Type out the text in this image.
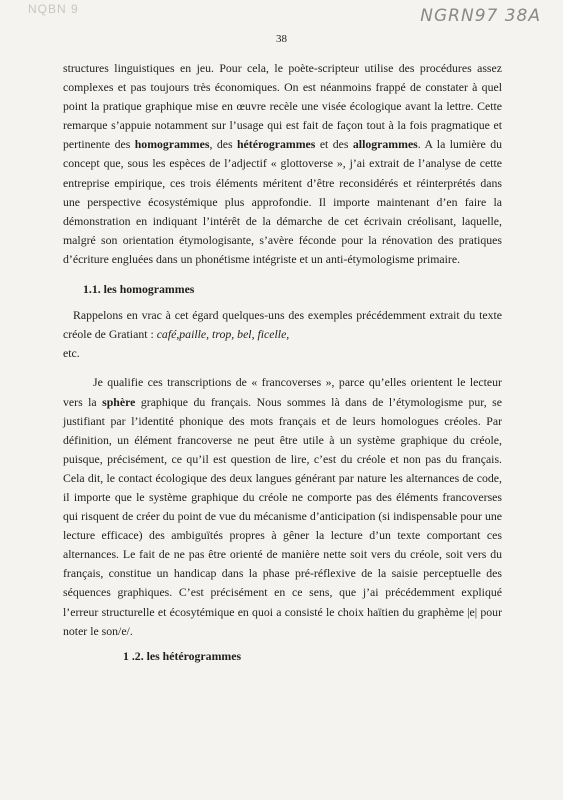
NQBN 9	NGRN97 38A
38

structures linguistiques en jeu. Pour cela, le poète-scripteur utilise des procédures assez complexes et pas toujours très économiques. On est néanmoins frappé de constater à quel point la pratique graphique mise en œuvre recèle une visée écologique avant la lettre. Cette remarque s’appuie notamment sur l’usage qui est fait de façon tout à la fois pragmatique et pertinente des homogrammes, des hétérogrammes et des allogrammes. A la lumière du concept que, sous les espèces de l’adjectif « glottoverse », j’ai extrait de l’analyse de cette entreprise empirique, ces trois éléments méritent d’être reconsidérés et réinterprétés dans une perspective écosystémique plus approfondie. Il importe maintenant d’en faire la démonstration en indiquant l’intérêt de la démarche de cet écrivain créolisant, laquelle, malgré son orientation étymologisante, s’avère féconde pour la rénovation des pratiques d’écriture engluées dans un phonétisme intégriste et un anti-étymologisme primaire.

1.1. les homogrammes

Rappelons en vrac à cet égard quelques-uns des exemples précédemment extrait du texte créole de Gratiant : café,paille, trop, bel, ficelle,
etc.

Je qualifie ces transcriptions de « francoverses », parce qu’elles orientent le lecteur vers la sphère graphique du français. Nous sommes là dans de l’étymologisme pur, se justifiant par l’identité phonique des mots français et de leurs homologues créoles. Par définition, un élément francoverse ne peut être utile à un système graphique du créole, puisque, précisément, ce qu’il est question de lire, c’est du créole et non pas du français. Cela dit, le contact écologique des deux langues générant par nature les alternances de code, il importe que le système graphique du créole ne comporte pas des éléments francoverses qui risquent de créer du point de vue du mécanisme d’anticipation (si indispensable pour une lecture efficace) des ambiguïtés propres à gêner la lecture d’un texte comportant ces alternances. Le fait de ne pas être orienté de manière nette soit vers du créole, soit vers du français, constitue un handicap dans la phase pré-réflexive de la saisie perceptuelle des séquences graphiques. C’est précisément en ce sens, que j’ai précédemment expliqué l’erreur structurelle et écosytémique en quoi a consisté le choix haïtien du graphème |e| pour noter le son/e/.

1 .2. les hétérogrammes
